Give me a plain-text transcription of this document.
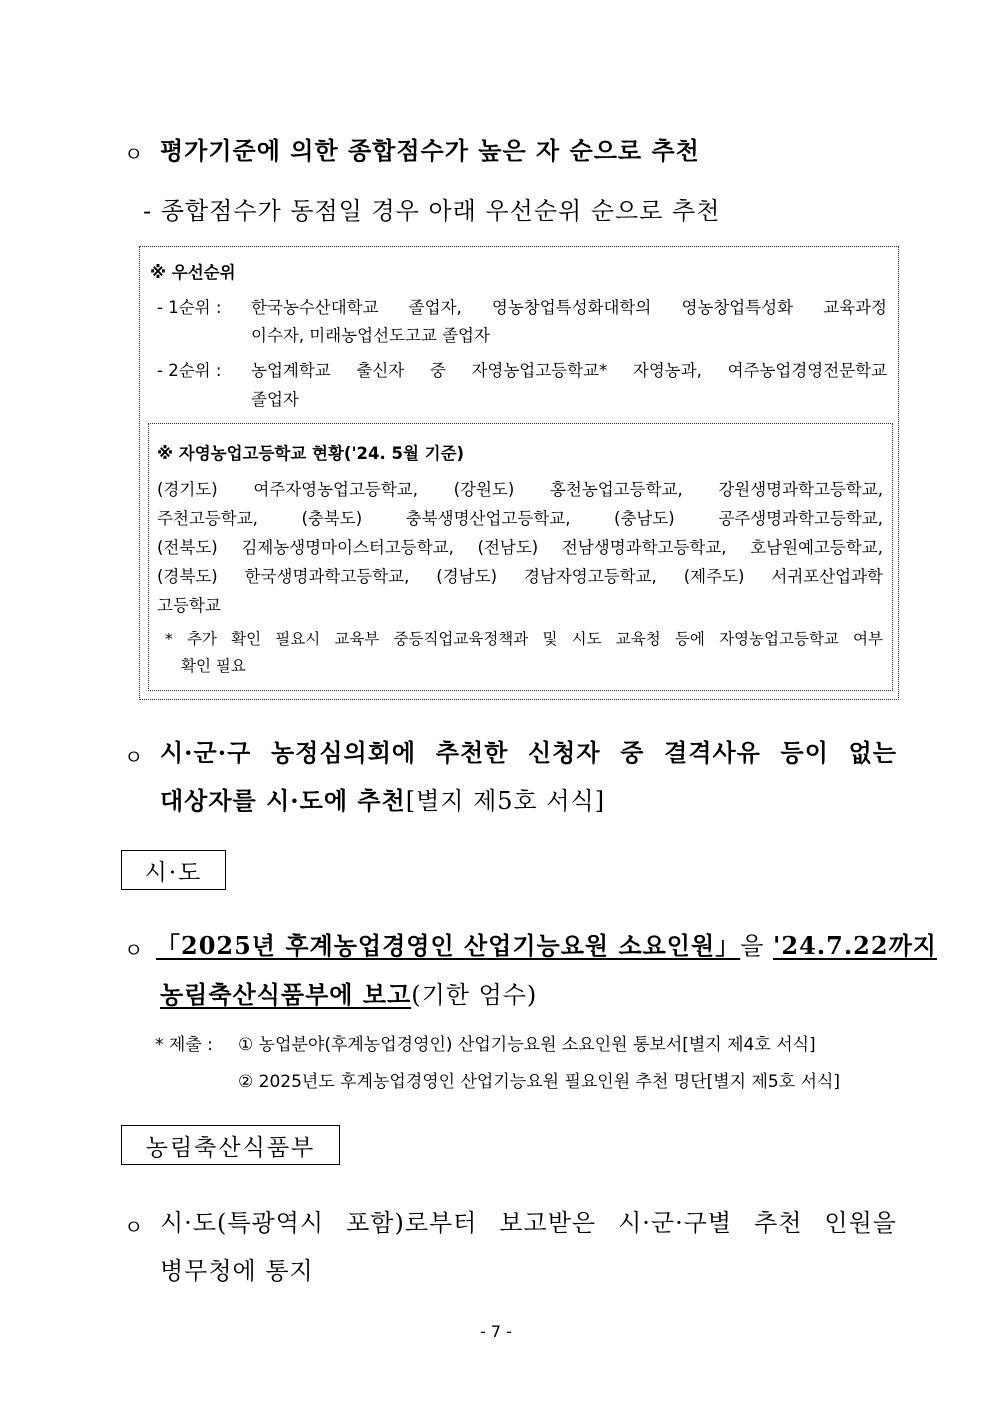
ㅇ 평가기준에 의한 종합점수가 높은 자 순으로 추천
- 종합점수가 동점일 경우 아래 우선순위 순으로 추천
※ 우선순위
- 1순위 : 한국농수산대학교 졸업자, 영농창업특성화대학의 영농창업특성화 교육과정
이수자, 미래농업선도고교 졸업자
- 2순위 : 농업계학교 출신자 중 자영농업고등학교* 자영농과, 여주농업경영전문학교
졸업자
※ 자영농업고등학교 현황('24. 5월 기준)
(경기도) 여주자영농업고등학교, (강원도) 홍천농업고등학교, 강원생명과학고등학교,
주천고등학교, (충북도) 충북생명산업고등학교, (충남도) 공주생명과학고등학교,
(전북도) 김제농생명마이스터고등학교, (전남도) 전남생명과학고등학교, 호남원예고등학교,
(경북도) 한국생명과학고등학교, (경남도) 경남자영고등학교, (제주도) 서귀포산업과학
고등학교
* 추가 확인 필요시 교육부 중등직업교육정책과 및 시도 교육청 등에 자영농업고등학교 여부
확인 필요
ㅇ 시·군·구 농정심의회에 추천한 신청자 중 결격사유 등이 없는
대상자를 시·도에 추천[별지 제5호 서식]
시·도
ㅇ 「2025년 후계농업경영인 산업기능요원 소요인원」을 '24.7.22까지
농림축산식품부에 보고(기한 엄수)
* 제출 : ① 농업분야(후계농업경영인) 산업기능요원 소요인원 통보서[별지 제4호 서식]
② 2025년도 후계농업경영인 산업기능요원 필요인원 추천 명단[별지 제5호 서식]
농림축산식품부
ㅇ 시·도(특광역시 포함)로부터 보고받은 시·군·구별 추천 인원을
병무청에 통지
- 7 -
